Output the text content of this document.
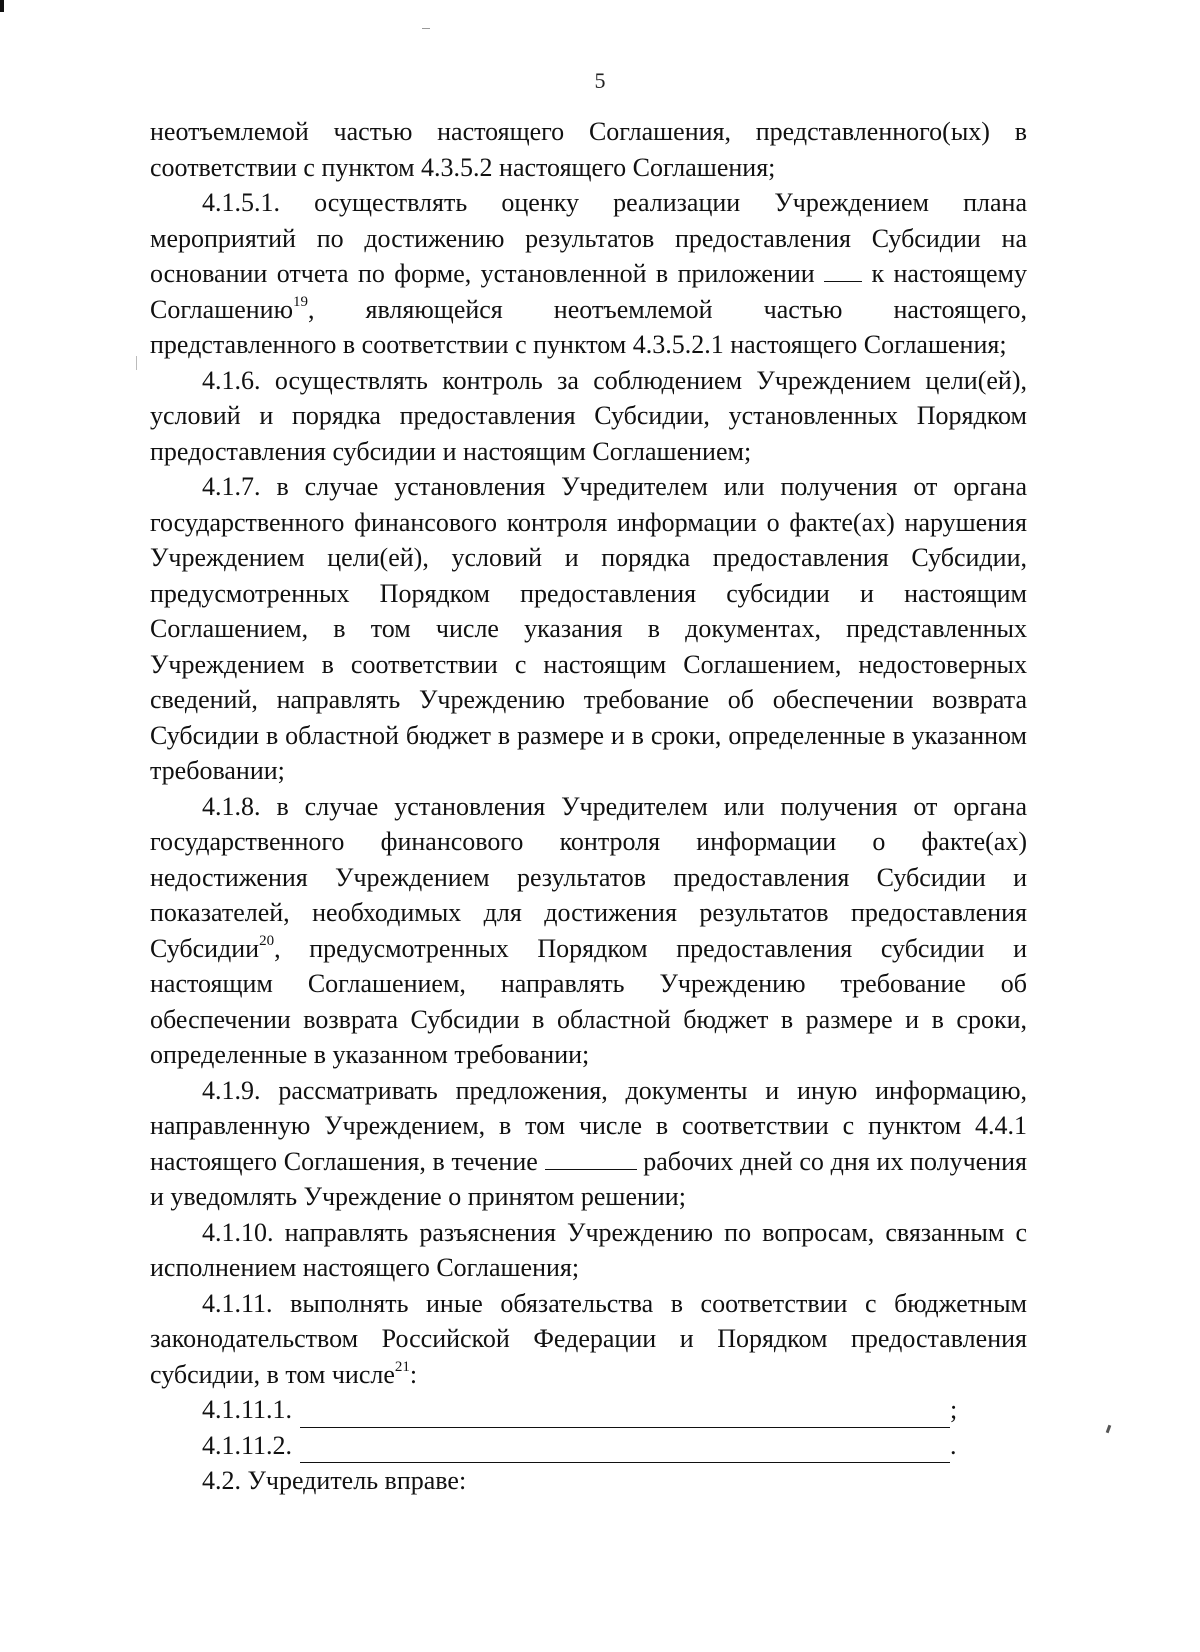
5

неотъемлемой частью настоящего Соглашения, представленного(ых) в соответствии с пунктом 4.3.5.2 настоящего Соглашения;

4.1.5.1. осуществлять оценку реализации Учреждением плана мероприятий по достижению результатов предоставления Субсидии на основании отчета по форме, установленной в приложении к настоящему Соглашению$^{19}$, являющейся неотъемлемой частью настоящего, представленного в соответствии с пунктом 4.3.5.2.1 настоящего Соглашения;

4.1.6. осуществлять контроль за соблюдением Учреждением цели(ей), условий и порядка предоставления Субсидии, установленных Порядком предоставления субсидии и настоящим Соглашением;

4.1.7. в случае установления Учредителем или получения от органа государственного финансового контроля информации о факте(ах) нарушения Учреждением цели(ей), условий и порядка предоставления Субсидии, предусмотренных Порядком предоставления субсидии и настоящим Соглашением, в том числе указания в документах, представленных Учреждением в соответствии с настоящим Соглашением, недостоверных сведений, направлять Учреждению требование об обеспечении возврата Субсидии в областной бюджет в размере и в сроки, определенные в указанном требовании;

4.1.8. в случае установления Учредителем или получения от органа государственного финансового контроля информации о факте(ах) недостижения Учреждением результатов предоставления Субсидии и показателей, необходимых для достижения результатов предоставления Субсидии$^{20}$, предусмотренных Порядком предоставления субсидии и настоящим Соглашением, направлять Учреждению требование об обеспечении возврата Субсидии в областной бюджет в размере и в сроки, определенные в указанном требовании;

4.1.9. рассматривать предложения, документы и иную информацию, направленную Учреждением, в том числе в соответствии с пунктом 4.4.1 настоящего Соглашения, в течение	рабочих дней со дня их получения и уведомлять Учреждение о принятом решении;

4.1.10. направлять разъяснения Учреждению по вопросам, связанным с исполнением настоящего Соглашения;

4.1.11. выполнять иные обязательства в соответствии с бюджетным законодательством Российской Федерации и Порядком предоставления субсидии, в том числе$^{21}$:

4.1.11.1.	;
4.1.11.2.	.

4.2. Учредитель вправе:
